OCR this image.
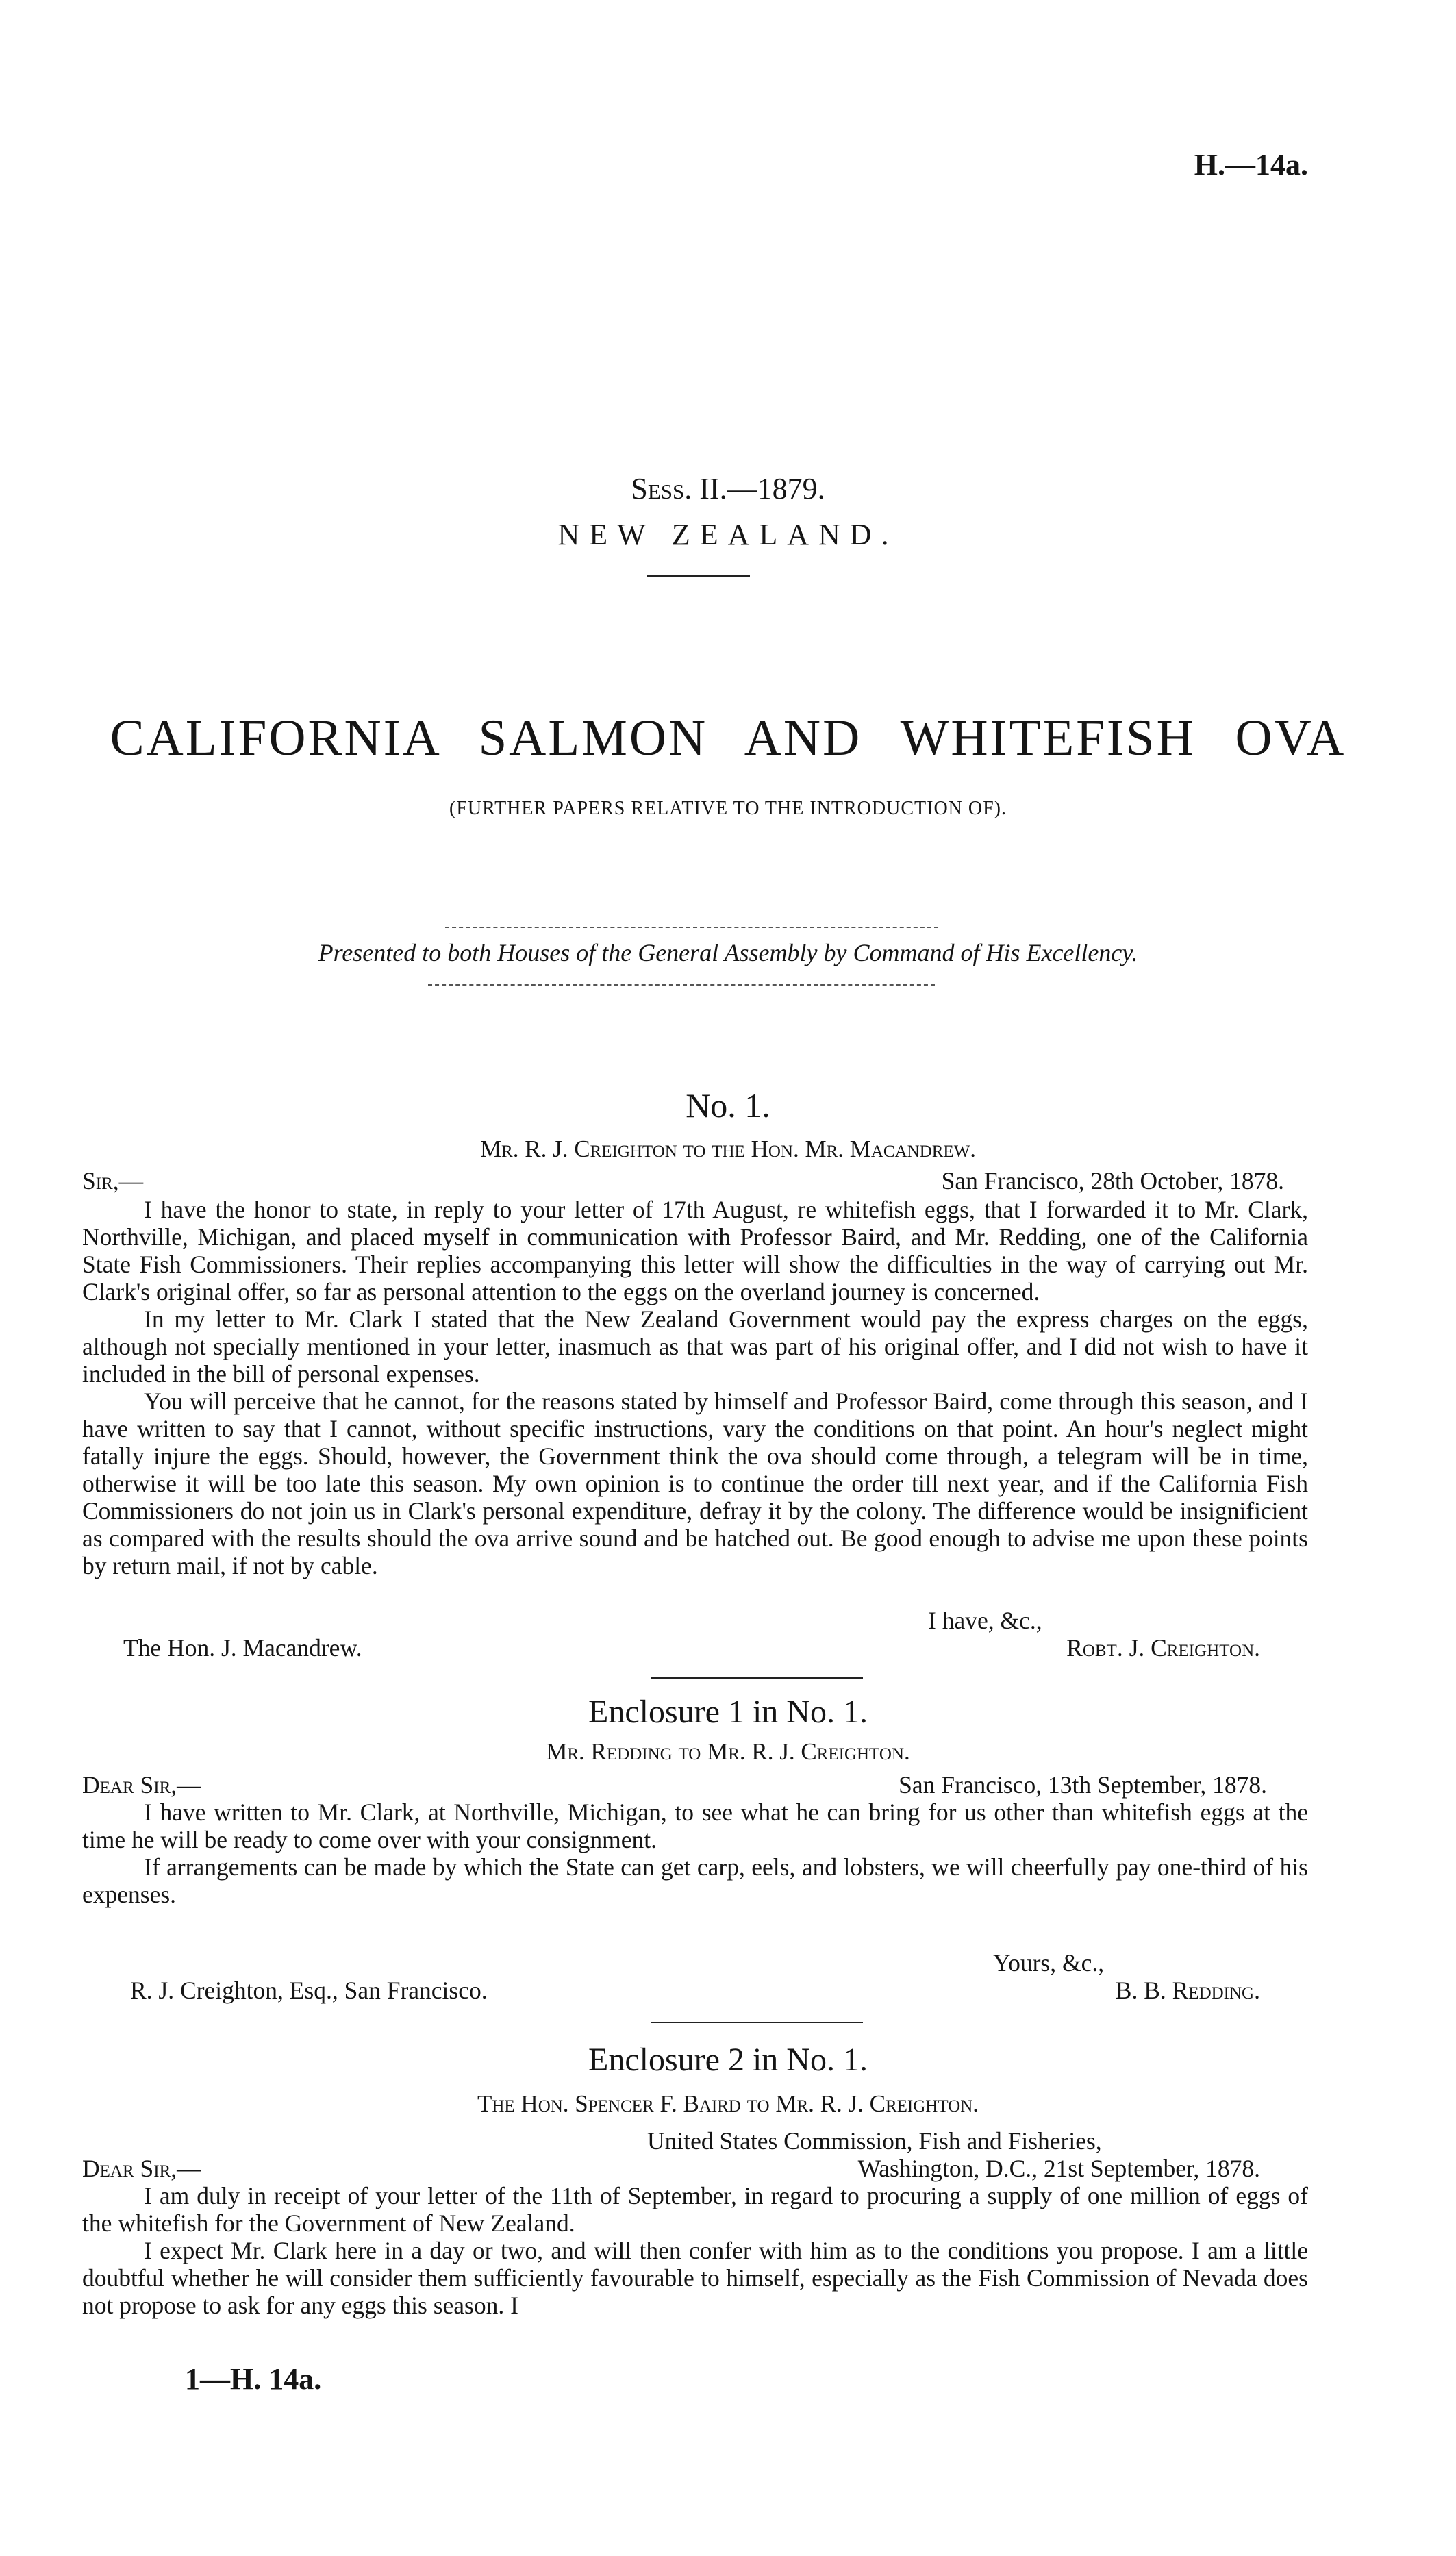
H.—14a.
Sess. II.—1879.
NEW ZEALAND.
CALIFORNIA SALMON AND WHITEFISH OVA
(FURTHER PAPERS RELATIVE TO THE INTRODUCTION OF).
Presented to both Houses of the General Assembly by Command of His Excellency.
No. 1.
Mr. R. J. Creighton to the Hon. Mr. Macandrew.
Sir,—	San Francisco, 28th October, 1878.

I have the honor to state, in reply to your letter of 17th August, re whitefish eggs, that I forwarded it to Mr. Clark, Northville, Michigan, and placed myself in communication with Professor Baird, and Mr. Redding, one of the California State Fish Commissioners. Their replies accompanying this letter will show the difficulties in the way of carrying out Mr. Clark's original offer, so far as personal attention to the eggs on the overland journey is concerned.

In my letter to Mr. Clark I stated that the New Zealand Government would pay the express charges on the eggs, although not specially mentioned in your letter, inasmuch as that was part of his original offer, and I did not wish to have it included in the bill of personal expenses.

You will perceive that he cannot, for the reasons stated by himself and Professor Baird, come through this season, and I have written to say that I cannot, without specific instructions, vary the conditions on that point. An hour's neglect might fatally injure the eggs. Should, however, the Government think the ova should come through, a telegram will be in time, otherwise it will be too late this season. My own opinion is to continue the order till next year, and if the California Fish Commissioners do not join us in Clark's personal expenditure, defray it by the colony. The difference would be insignificient as compared with the results should the ova arrive sound and be hatched out. Be good enough to advise me upon these points by return mail, if not by cable.

I have, &c.,
The Hon. J. Macandrew.	Robt. J. Creighton.
Enclosure 1 in No. 1.
Mr. Redding to Mr. R. J. Creighton.
Dear Sir,—	San Francisco, 13th September, 1878.

I have written to Mr. Clark, at Northville, Michigan, to see what he can bring for us other than whitefish eggs at the time he will be ready to come over with your consignment.

If arrangements can be made by which the State can get carp, eels, and lobsters, we will cheerfully pay one-third of his expenses.

Yours, &c.,
R. J. Creighton, Esq., San Francisco.	B. B. Redding.
Enclosure 2 in No. 1.
The Hon. Spencer F. Baird to Mr. R. J. Creighton.
United States Commission, Fish and Fisheries,
Dear Sir,—	Washington, D.C., 21st September, 1878.

I am duly in receipt of your letter of the 11th of September, in regard to procuring a supply of one million of eggs of the whitefish for the Government of New Zealand.

I expect Mr. Clark here in a day or two, and will then confer with him as to the conditions you propose. I am a little doubtful whether he will consider them sufficiently favourable to himself, especially as the Fish Commission of Nevada does not propose to ask for any eggs this season. I

1—H. 14a.
